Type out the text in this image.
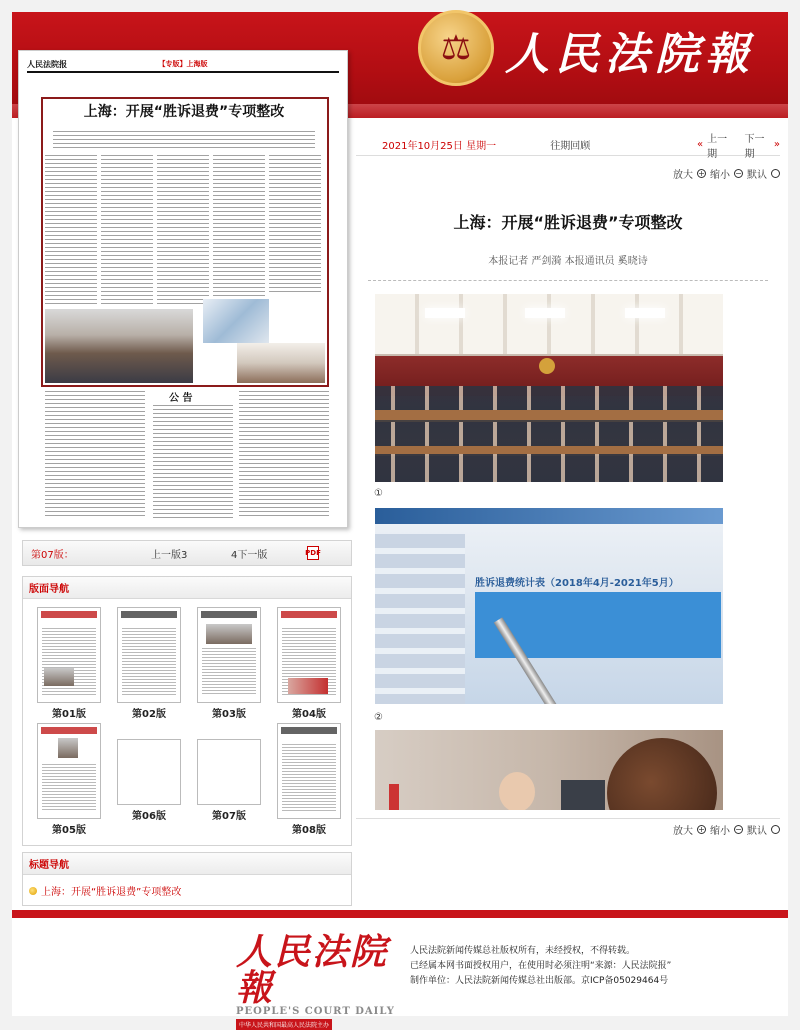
⚖ 人民法院報
人民法院报	【专版】上海版
上海：开展“胜诉退费”专项整改
公 告
第07版：	上一版3	4下一版	PDF
版面导航
第01版	第02版	第03版	第04版
第05版
第06版	第07版
第08版
标题导航
上海：开展“胜诉退费”专项整改
2021年10月25日 星期一	往期回顾	« 上一期
下一期
»
放大 + 缩小 − 默认
上海：开展“胜诉退费”专项整改
本报记者 严剑漪 本报通讯员 奚晓诗
①
胜诉退费统计表（2018年4月-2021年5月）
②
放大 + 缩小 − 默认
人民法院報
PEOPLE'S COURT DAILY
中华人民共和国最高人民法院主办
人民法院新闻传媒总社版权所有，未经授权，不得转载。
已经属本网书面授权用户，在使用时必须注明“来源：人民法院报”
制作单位：人民法院新闻传媒总社出版部。京ICP备05029464号
